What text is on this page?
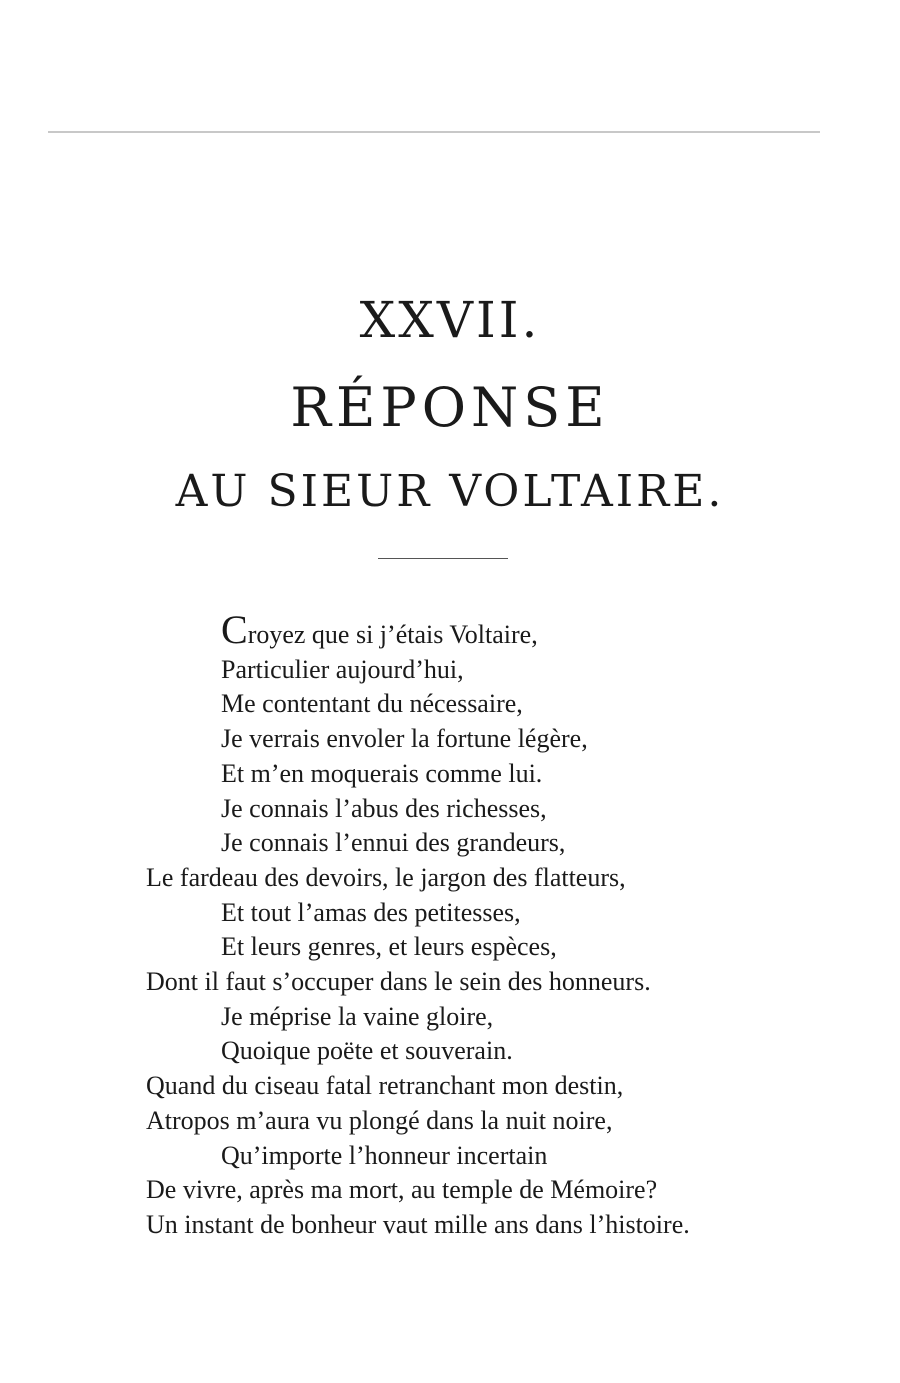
XXVII.
RÉPONSE
AU SIEUR VOLTAIRE.
Croyez que si j’étais Voltaire,
Particulier aujourd’hui,
Me contentant du nécessaire,
Je verrais envoler la fortune légère,
Et m’en moquerais comme lui.
Je connais l’abus des richesses,
Je connais l’ennui des grandeurs,
Le fardeau des devoirs, le jargon des flatteurs,
Et tout l’amas des petitesses,
Et leurs genres, et leurs espèces,
Dont il faut s’occuper dans le sein des honneurs.
Je méprise la vaine gloire,
Quoique poëte et souverain.
Quand du ciseau fatal retranchant mon destin,
Atropos m’aura vu plongé dans la nuit noire,
Qu’importe l’honneur incertain
De vivre, après ma mort, au temple de Mémoire?
Un instant de bonheur vaut mille ans dans l’histoire.
